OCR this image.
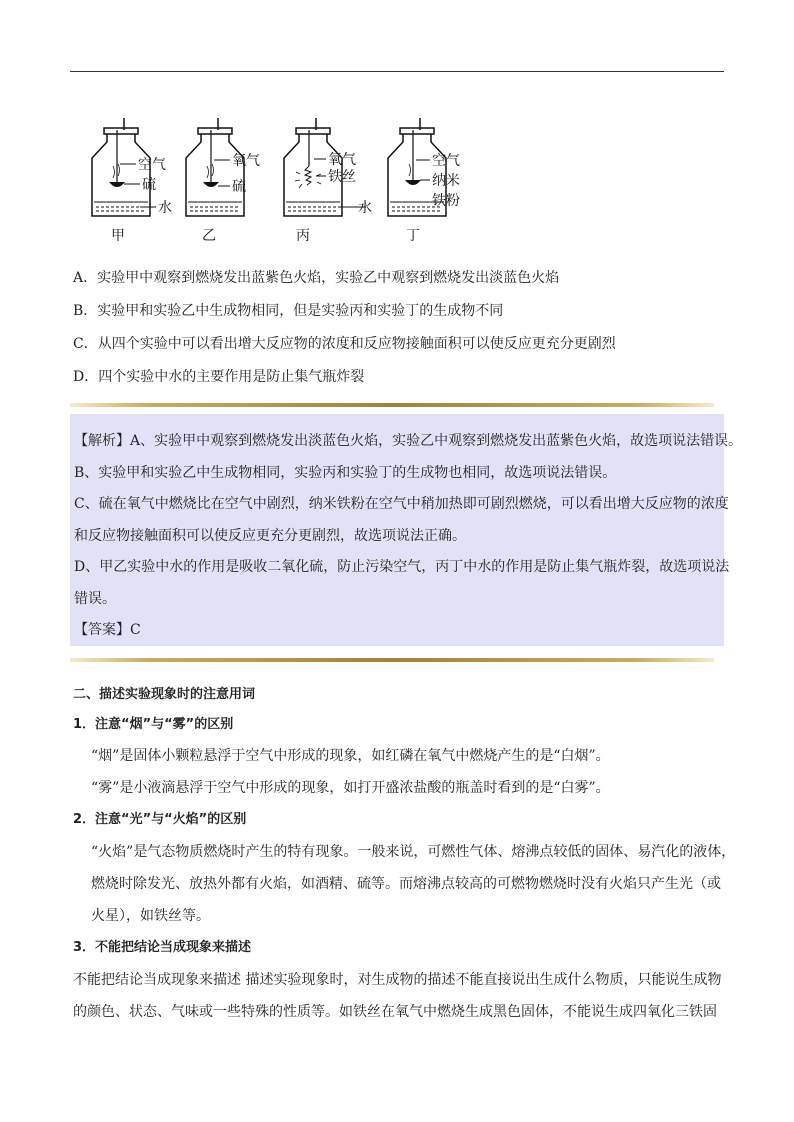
空气
硫
水
甲
氧气
硫
乙
氧气
铁丝
水
丙
空气
纳米
铁粉
丁
A．实验甲中观察到燃烧发出蓝紫色火焰，实验乙中观察到燃烧发出淡蓝色火焰
B．实验甲和实验乙中生成物相同，但是实验丙和实验丁的生成物不同
C．从四个实验中可以看出增大反应物的浓度和反应物接触面积可以使反应更充分更剧烈
D．四个实验中水的主要作用是防止集气瓶炸裂
【解析】A、实验甲中观察到燃烧发出淡蓝色火焰，实验乙中观察到燃烧发出蓝紫色火焰，故选项说法错误。
B、实验甲和实验乙中生成物相同，实验丙和实验丁的生成物也相同，故选项说法错误。
C、硫在氧气中燃烧比在空气中剧烈，纳米铁粉在空气中稍加热即可剧烈燃烧，可以看出增大反应物的浓度
和反应物接触面积可以使反应更充分更剧烈，故选项说法正确。
D、甲乙实验中水的作用是吸收二氧化硫，防止污染空气，丙丁中水的作用是防止集气瓶炸裂，故选项说法
错误。
【答案】C
二、描述实验现象时的注意用词
1．注意“烟”与“雾”的区别
“烟”是固体小颗粒悬浮于空气中形成的现象，如红磷在氧气中燃烧产生的是“白烟”。
“雾”是小液滴悬浮于空气中形成的现象，如打开盛浓盐酸的瓶盖时看到的是“白雾”。
2．注意“光”与“火焰”的区别
“火焰”是气态物质燃烧时产生的特有现象。一般来说，可燃性气体、熔沸点较低的固体、易汽化的液体，
燃烧时除发光、放热外都有火焰，如酒精、硫等。而熔沸点较高的可燃物燃烧时没有火焰只产生光（或
火星），如铁丝等。
3．不能把结论当成现象来描述
不能把结论当成现象来描述 描述实验现象时，对生成物的描述不能直接说出生成什么物质，只能说生成物
的颜色、状态、气味或一些特殊的性质等。如铁丝在氧气中燃烧生成黑色固体，不能说生成四氧化三铁固
